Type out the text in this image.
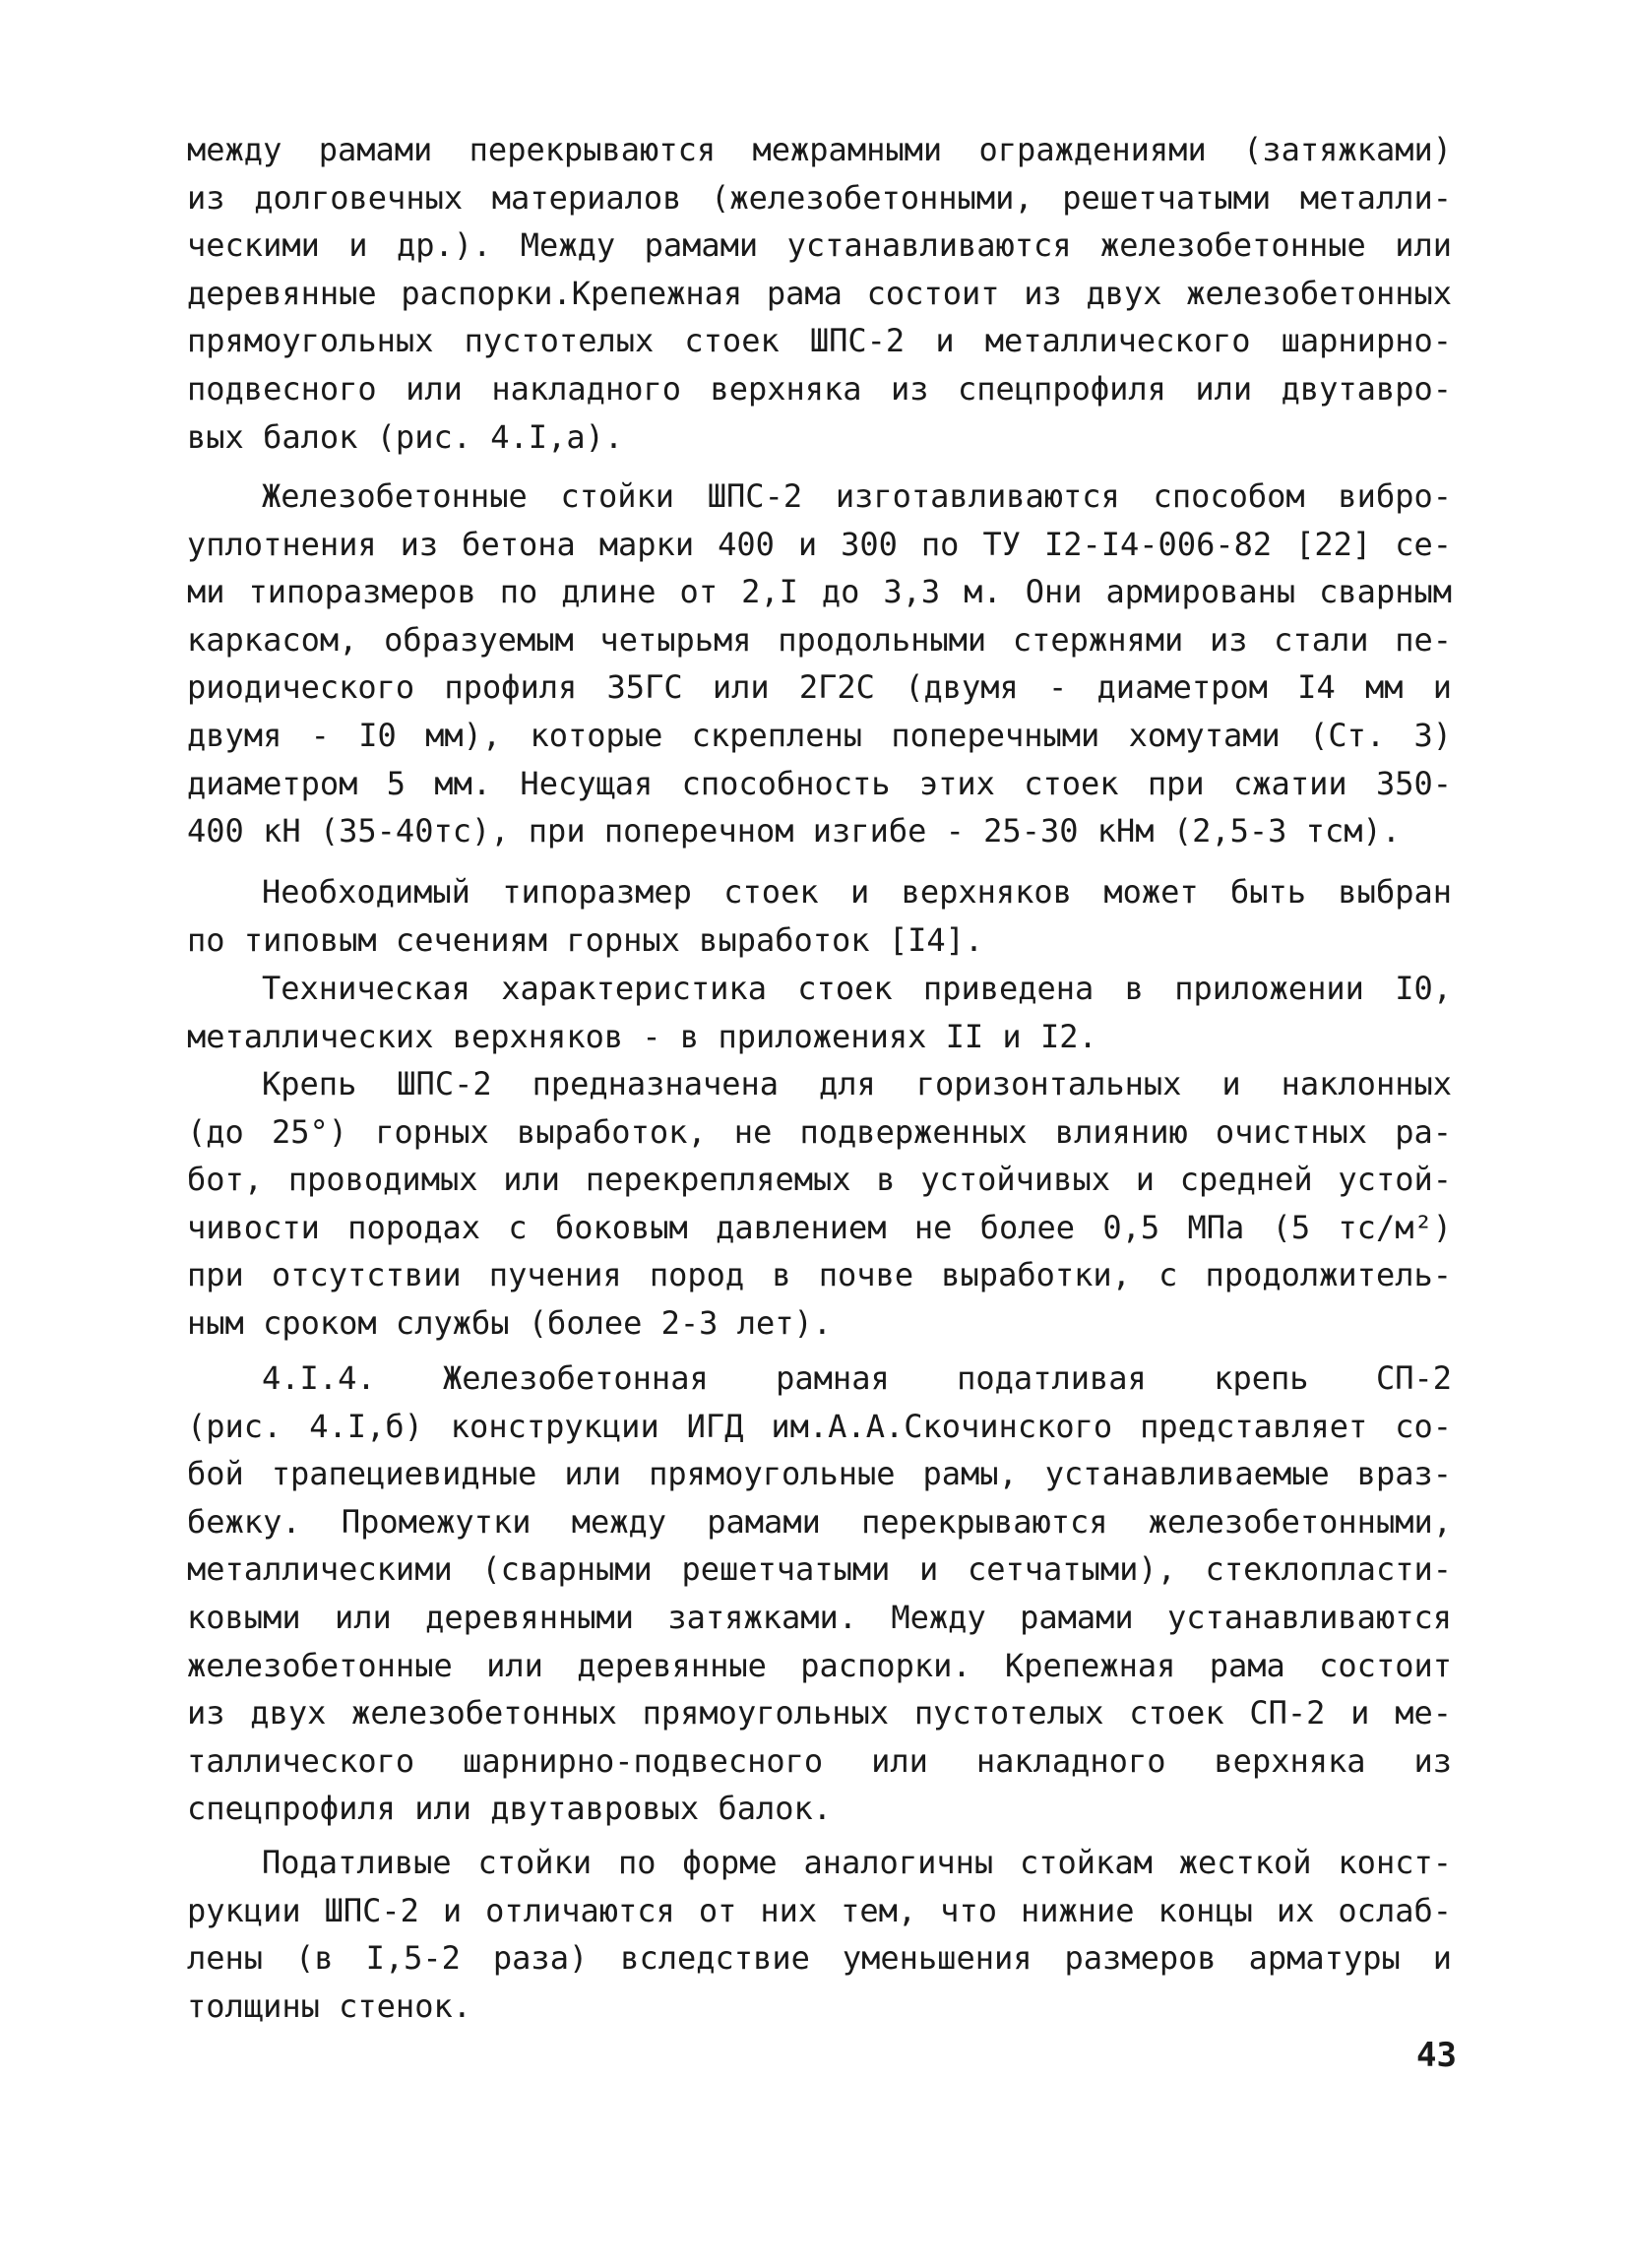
между рамами перекрываются межрамными ограждениями (затяжками)
из долговечных материалов (железобетонными, решетчатыми металли-
ческими и др.). Между рамами устанавливаются железобетонные или
деревянные распорки.Крепежная рама состоит из двух железобетонных
прямоугольных пустотелых стоек ШПС-2 и металлического шарнирно-
подвесного или накладного верхняка из спецпрофиля или двутавро-
вых балок (рис. 4.I,а).
Железобетонные стойки ШПС-2 изготавливаются способом вибро-
уплотнения из бетона марки 400 и 300 по ТУ I2-I4-006-82 [22] се-
ми типоразмеров по длине от 2,I до 3,3 м. Они армированы сварным
каркасом, образуемым четырьмя продольными стержнями из стали пе-
риодического профиля 35ГС или 2Г2С (двумя - диаметром I4 мм и
двумя - I0 мм), которые скреплены поперечными хомутами (Ст. 3)
диаметром 5 мм. Несущая способность этих стоек при сжатии 350-
400 кН (35-40тс), при поперечном изгибе - 25-30 кНм (2,5-3 тсм).
Необходимый типоразмер стоек и верхняков может быть выбран
по типовым сечениям горных выработок [I4].
Техническая характеристика стоек приведена в приложении I0,
металлических верхняков - в приложениях II и I2.
Крепь ШПС-2 предназначена для горизонтальных и наклонных
(до 25°) горных выработок, не подверженных влиянию очистных ра-
бот, проводимых или перекрепляемых в устойчивых и средней устой-
чивости породах с боковым давлением не более 0,5 МПа (5 тс/м²)
при отсутствии пучения пород в почве выработки, с продолжитель-
ным сроком службы (более 2-3 лет).
4.I.4. Железобетонная рамная податливая крепь СП-2
(рис. 4.I,б) конструкции ИГД им.А.А.Скочинского представляет со-
бой трапециевидные или прямоугольные рамы, устанавливаемые враз-
бежку. Промежутки между рамами перекрываются железобетонными,
металлическими (сварными решетчатыми и сетчатыми), стеклопласти-
ковыми или деревянными затяжками. Между рамами устанавливаются
железобетонные или деревянные распорки. Крепежная рама состоит
из двух железобетонных прямоугольных пустотелых стоек СП-2 и ме-
таллического шарнирно-подвесного или накладного верхняка из
спецпрофиля или двутавровых балок.
Податливые стойки по форме аналогичны стойкам жесткой конст-
рукции ШПС-2 и отличаются от них тем, что нижние концы их ослаб-
лены (в I,5-2 раза) вследствие уменьшения размеров арматуры и
толщины стенок.
43
